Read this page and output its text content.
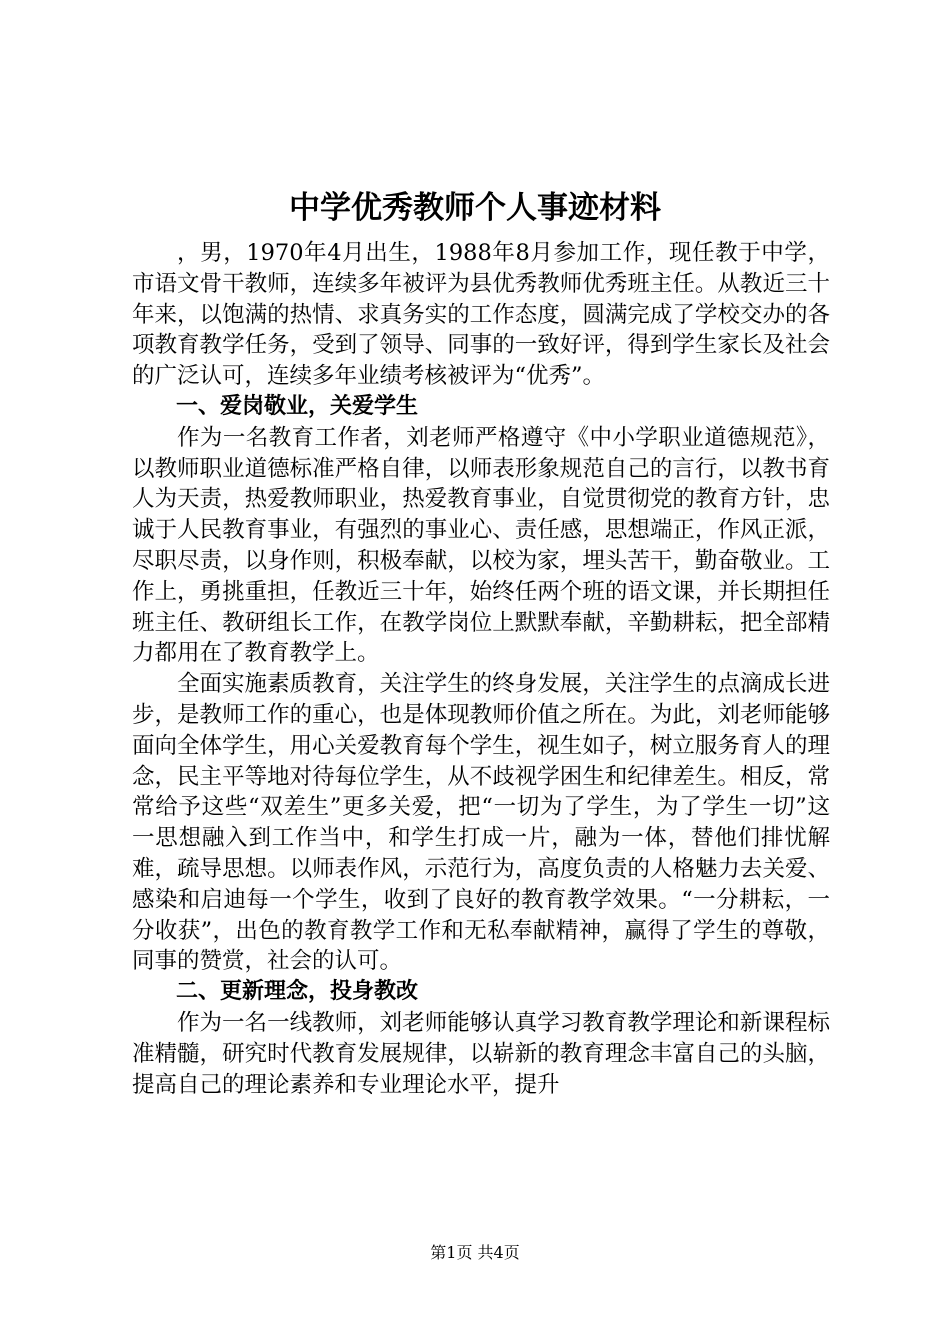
中学优秀教师个人事迹材料

，男，1970年4月出生，1988年8月参加工作，现任教于中学，市语文骨干教师，连续多年被评为县优秀教师优秀班主任。从教近三十年来，以饱满的热情、求真务实的工作态度，圆满完成了学校交办的各项教育教学任务，受到了领导、同事的一致好评，得到学生家长及社会的广泛认可，连续多年业绩考核被评为“优秀”。

一、爱岗敬业，关爱学生

作为一名教育工作者，刘老师严格遵守《中小学职业道德规范》，以教师职业道德标准严格自律，以师表形象规范自己的言行，以教书育人为天责，热爱教师职业，热爱教育事业，自觉贯彻党的教育方针，忠诚于人民教育事业，有强烈的事业心、责任感，思想端正，作风正派，尽职尽责，以身作则，积极奉献，以校为家，埋头苦干，勤奋敬业。工作上，勇挑重担，任教近三十年，始终任两个班的语文课，并长期担任班主任、教研组长工作，在教学岗位上默默奉献，辛勤耕耘，把全部精力都用在了教育教学上。

全面实施素质教育，关注学生的终身发展，关注学生的点滴成长进步，是教师工作的重心，也是体现教师价值之所在。为此，刘老师能够面向全体学生，用心关爱教育每个学生，视生如子，树立服务育人的理念，民主平等地对待每位学生，从不歧视学困生和纪律差生。相反，常常给予这些“双差生”更多关爱，把“一切为了学生，为了学生一切”这一思想融入到工作当中，和学生打成一片，融为一体，替他们排忧解难，疏导思想。以师表作风，示范行为，高度负责的人格魅力去关爱、感染和启迪每一个学生，收到了良好的教育教学效果。“一分耕耘，一分收获”，出色的教育教学工作和无私奉献精神，赢得了学生的尊敬，同事的赞赏，社会的认可。

二、更新理念，投身教改

作为一名一线教师，刘老师能够认真学习教育教学理论和新课程标准精髓，研究时代教育发展规律，以崭新的教育理念丰富自己的头脑，提高自己的理论素养和专业理论水平，提升

第1页 共4页
